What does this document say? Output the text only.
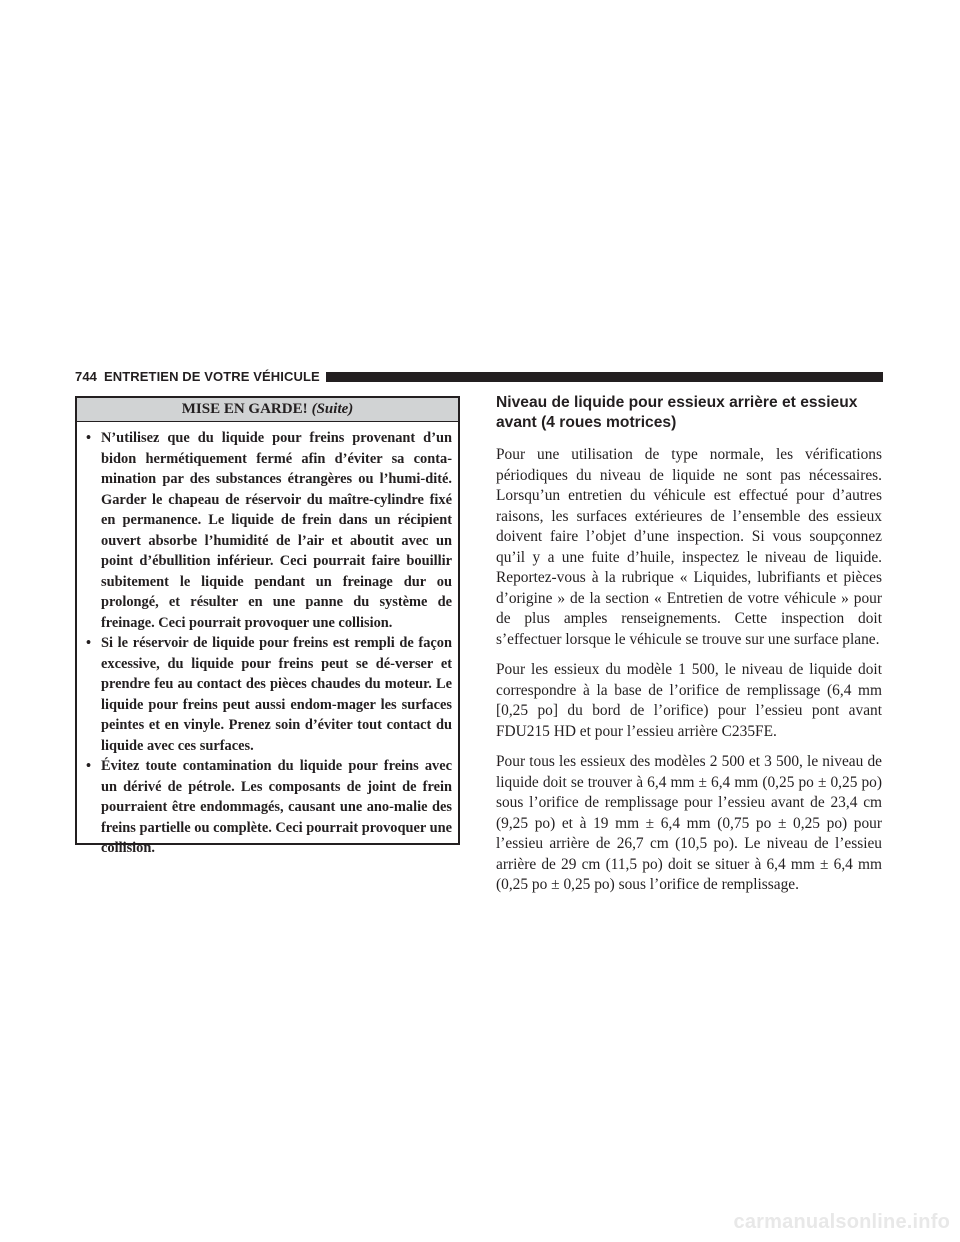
744 ENTRETIEN DE VOTRE VÉHICULE
MISE EN GARDE! (Suite)
• N’utilisez que du liquide pour freins provenant d’un bidon hermétiquement fermé afin d’éviter sa conta-mination par des substances étrangères ou l’humi-dité. Garder le chapeau de réservoir du maître-cylindre fixé en permanence. Le liquide de frein dans un récipient ouvert absorbe l’humidité de l’air et aboutit avec un point d’ébullition inférieur. Ceci pourrait faire bouillir subitement le liquide pendant un freinage dur ou prolongé, et résulter en une panne du système de freinage. Ceci pourrait provoquer une collision.
• Si le réservoir de liquide pour freins est rempli de façon excessive, du liquide pour freins peut se dé-verser et prendre feu au contact des pièces chaudes du moteur. Le liquide pour freins peut aussi endom-mager les surfaces peintes et en vinyle. Prenez soin d’éviter tout contact du liquide avec ces surfaces.
• Évitez toute contamination du liquide pour freins avec un dérivé de pétrole. Les composants de joint de frein pourraient être endommagés, causant une ano-malie des freins partielle ou complète. Ceci pourrait provoquer une collision.
Niveau de liquide pour essieux arrière et essieux avant (4 roues motrices)

Pour une utilisation de type normale, les vérifications périodiques du niveau de liquide ne sont pas nécessaires. Lorsqu’un entretien du véhicule est effectué pour d’autres raisons, les surfaces extérieures de l’ensemble des essieux doivent faire l’objet d’une inspection. Si vous soupçonnez qu’il y a une fuite d’huile, inspectez le niveau de liquide. Reportez-vous à la rubrique « Liquides, lubrifiants et pièces d’origine » de la section « Entretien de votre véhicule » pour de plus amples renseignements. Cette inspection doit s’effectuer lorsque le véhicule se trouve sur une surface plane.

Pour les essieux du modèle 1 500, le niveau de liquide doit correspondre à la base de l’orifice de remplissage (6,4 mm [0,25 po] du bord de l’orifice) pour l’essieu pont avant FDU215 HD et pour l’essieu arrière C235FE.

Pour tous les essieux des modèles 2 500 et 3 500, le niveau de liquide doit se trouver à 6,4 mm ± 6,4 mm (0,25 po ± 0,25 po) sous l’orifice de remplissage pour l’essieu avant de 23,4 cm (9,25 po) et à 19 mm ± 6,4 mm (0,75 po ± 0,25 po) pour l’essieu arrière de 26,7 cm (10,5 po). Le niveau de l’essieu arrière de 29 cm (11,5 po) doit se situer à 6,4 mm ± 6,4 mm (0,25 po ± 0,25 po) sous l’orifice de remplissage.

carmanualsonline.info
